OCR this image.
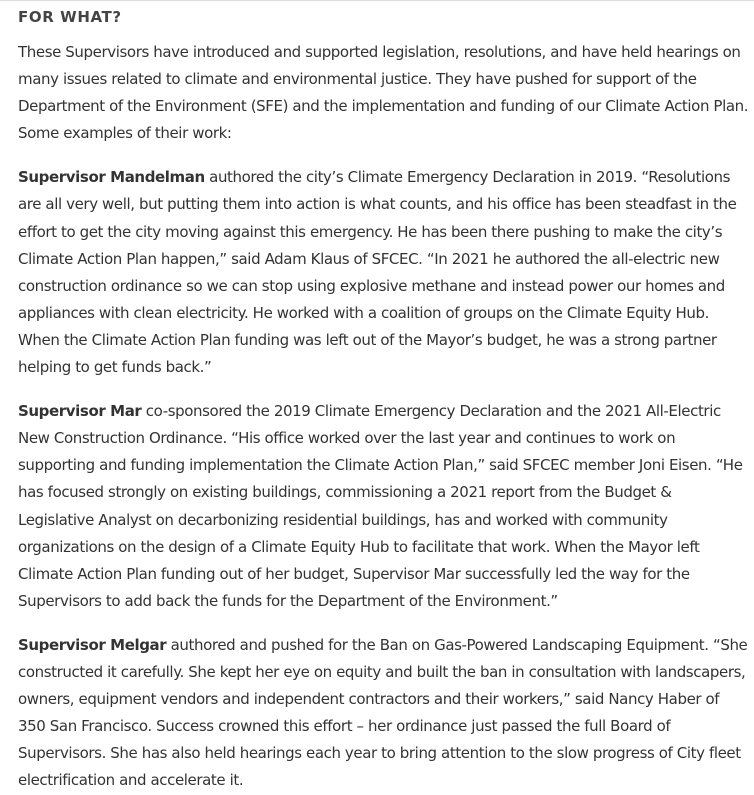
FOR WHAT?

These Supervisors have introduced and supported legislation, resolutions, and have held hearings on many issues related to climate and environmental justice. They have pushed for support of the Department of the Environment (SFE) and the implementation and funding of our Climate Action Plan. Some examples of their work:

Supervisor Mandelman authored the city’s Climate Emergency Declaration in 2019. “Resolutions are all very well, but putting them into action is what counts, and his office has been steadfast in the effort to get the city moving against this emergency. He has been there pushing to make the city’s Climate Action Plan happen,” said Adam Klaus of SFCEC. “In 2021 he authored the all-electric new construction ordinance so we can stop using explosive methane and instead power our homes and appliances with clean electricity. He worked with a coalition of groups on the Climate Equity Hub. When the Climate Action Plan funding was left out of the Mayor’s budget, he was a strong partner helping to get funds back.”

Supervisor Mar co-sponsored the 2019 Climate Emergency Declaration and the 2021 All-Electric New Construction Ordinance. “His office worked over the last year and continues to work on supporting and funding implementation the Climate Action Plan,” said SFCEC member Joni Eisen. “He has focused strongly on existing buildings, commissioning a 2021 report from the Budget & Legislative Analyst on decarbonizing residential buildings, has and worked with community organizations on the design of a Climate Equity Hub to facilitate that work. When the Mayor left Climate Action Plan funding out of her budget, Supervisor Mar successfully led the way for the Supervisors to add back the funds for the Department of the Environment.”

Supervisor Melgar authored and pushed for the Ban on Gas-Powered Landscaping Equipment. “She constructed it carefully. She kept her eye on equity and built the ban in consultation with landscapers, owners, equipment vendors and independent contractors and their workers,” said Nancy Haber of 350 San Francisco. Success crowned this effort – her ordinance just passed the full Board of Supervisors. She has also held hearings each year to bring attention to the slow progress of City fleet electrification and accelerate it.
